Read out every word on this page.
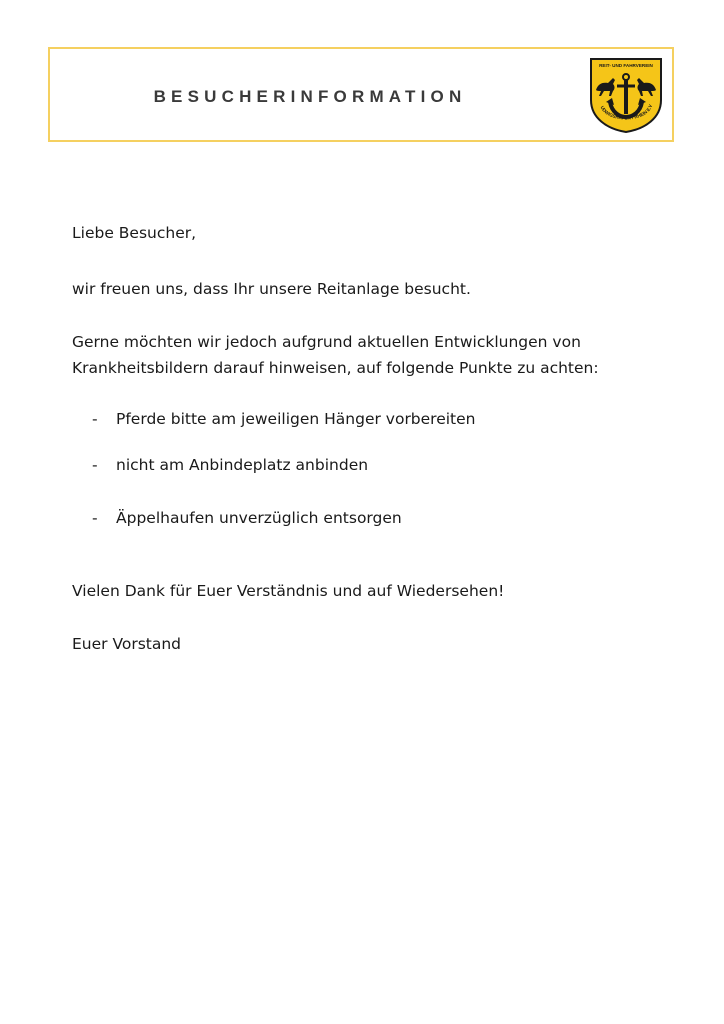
BESUCHERINFORMATION
REIT- UND FAHRVEREIN
UDWIGSHAFEN / RHEIN E.V

Liebe Besucher,

wir freuen uns, dass Ihr unsere Reitanlage besucht.

Gerne möchten wir jedoch aufgrund aktuellen Entwicklungen von

Krankheitsbildern darauf hinweisen, auf folgende Punkte zu achten:

- Pferde bitte am jeweiligen Hänger vorbereiten
- nicht am Anbindeplatz anbinden
- Äppelhaufen unverzüglich entsorgen

Vielen Dank für Euer Verständnis und auf Wiedersehen!

Euer Vorstand
